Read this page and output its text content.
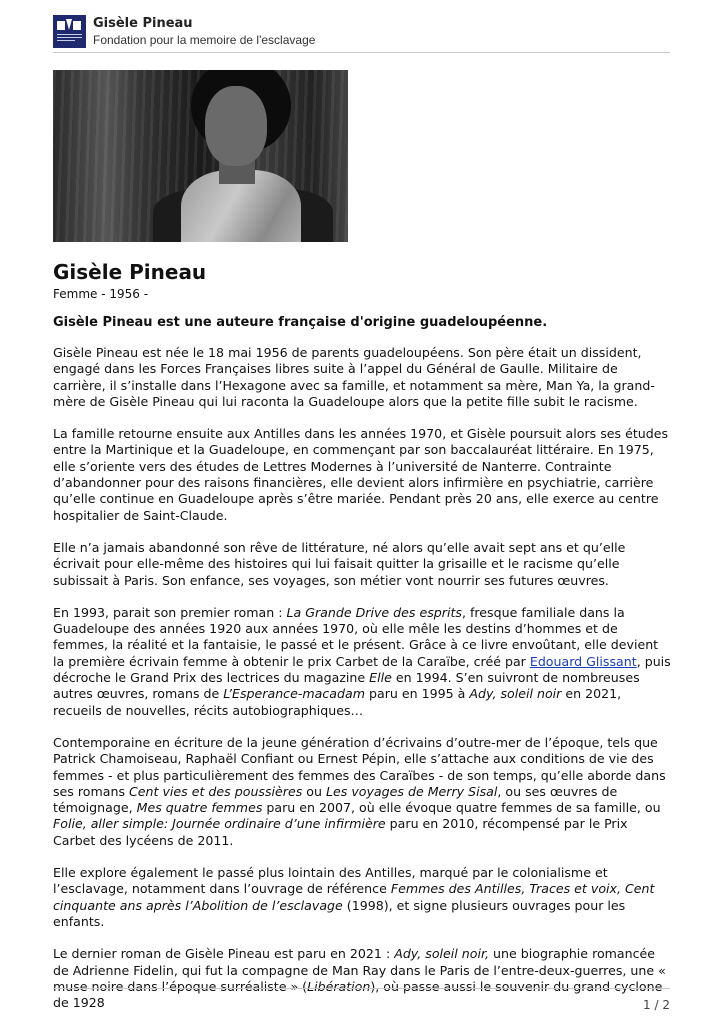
Gisèle Pineau
Fondation pour la memoire de l'esclavage
Gisèle Pineau
Femme - 1956 -
Gisèle Pineau est une auteure française d'origine guadeloupéenne.

Gisèle Pineau est née le 18 mai 1956 de parents guadeloupéens. Son père était un dissident, engagé dans les Forces Françaises libres suite à l’appel du Général de Gaulle. Militaire de carrière, il s’installe dans l’Hexagone avec sa famille, et notamment sa mère, Man Ya, la grand-mère de Gisèle Pineau qui lui raconta la Guadeloupe alors que la petite fille subit le racisme.

La famille retourne ensuite aux Antilles dans les années 1970, et Gisèle poursuit alors ses études entre la Martinique et la Guadeloupe, en commençant par son baccalauréat littéraire. En 1975, elle s’oriente vers des études de Lettres Modernes à l’université de Nanterre. Contrainte d’abandonner pour des raisons financières, elle devient alors infirmière en psychiatrie, carrière qu’elle continue en Guadeloupe après s’être mariée. Pendant près 20 ans, elle exerce au centre hospitalier de Saint-Claude.

Elle n’a jamais abandonné son rêve de littérature, né alors qu’elle avait sept ans et qu’elle écrivait pour elle-même des histoires qui lui faisait quitter la grisaille et le racisme qu’elle subissait à Paris. Son enfance, ses voyages, son métier vont nourrir ses futures œuvres.

En 1993, parait son premier roman : La Grande Drive des esprits, fresque familiale dans la Guadeloupe des années 1920 aux années 1970, où elle mêle les destins d’hommes et de femmes, la réalité et la fantaisie, le passé et le présent. Grâce à ce livre envoûtant, elle devient la première écrivain femme à obtenir le prix Carbet de la Caraïbe, créé par Edouard Glissant, puis décroche le Grand Prix des lectrices du magazine Elle en 1994. S’en suivront de nombreuses autres œuvres, romans de L’Esperance-macadam paru en 1995 à Ady, soleil noir en 2021, recueils de nouvelles, récits autobiographiques…

Contemporaine en écriture de la jeune génération d’écrivains d’outre-mer de l’époque, tels que Patrick Chamoiseau, Raphaël Confiant ou Ernest Pépin, elle s’attache aux conditions de vie des femmes - et plus particulièrement des femmes des Caraïbes - de son temps, qu’elle aborde dans ses romans Cent vies et des poussières ou Les voyages de Merry Sisal, ou ses œuvres de témoignage, Mes quatre femmes paru en 2007, où elle évoque quatre femmes de sa famille, ou Folie, aller simple: Journée ordinaire d’une infirmière paru en 2010, récompensé par le Prix Carbet des lycéens de 2011.

Elle explore également le passé plus lointain des Antilles, marqué par le colonialisme et l’esclavage, notamment dans l’ouvrage de référence Femmes des Antilles, Traces et voix, Cent cinquante ans après l’Abolition de l’esclavage (1998), et signe plusieurs ouvrages pour les enfants.

Le dernier roman de Gisèle Pineau est paru en 2021 : Ady, soleil noir, une biographie romancée de Adrienne Fidelin, qui fut la compagne de Man Ray dans le Paris de l’entre-deux-guerres, une « muse noire dans l’époque surréaliste » (Libération), où passe aussi le souvenir du grand cyclone de 1928	1 / 2
